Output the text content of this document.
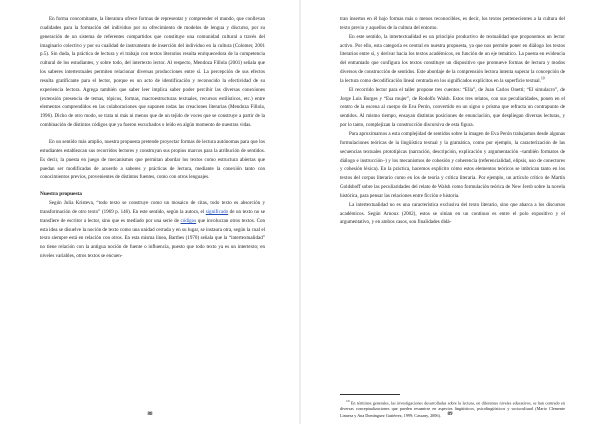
En forma concomitante, la literatura ofrece formas de representar y comprender el mundo, que conllevan cualidades para la formación del individuo por su ofrecimiento de modelos de lengua y discurso, por su generación de un sistema de referentes compartidos que constituye una comunidad cultural a través del imaginario colectivo y por su cualidad de instrumento de inserción del individuo en la cultura (Colomer, 2001 p.5). Sin duda, la práctica de lectura y el trabajo con textos literarios resulta enriquecedora de la competencia cultural de los estudiantes, y sobre todo, del intertexto lector. Al respecto, Mendoza Fillola (2001) señala que los saberes intertextuales permiten relacionar diversas producciones entre sí. La percepción de sus efectos resulta gratificante para el lector, porque es un acto de identificación y reconocido la efectividad de su experiencia lectora. Agrega también que saber leer implica saber poder percibir las diversas conexiones (extensión presencia de temas, tópicos, formas, macroestructuras textuales, recursos estilísticos, etc.) entre elementos comprendidos en las colaboraciones que suponen todas las creaciones literarias (Mendoza Fillola, 1996). Dicho de otro modo, se trata ni más ni menos que de un tejido de voces que se construye a partir de la combinación de distintos códigos que ya fueron escuchados o leído en algún momento de nuestras vidas.

En un sentido más amplio, nuestra propuesta pretende proyectar formas de lectura autónomas para que los estudiantes establezcan sus recorridos lectores y construyan sus propios marcos para la atribución de sentidos. Es decir, la puesta en juego de mecanismos que permitan abordar los textos como estructura abiertas que puedan ser modificadas de acuerdo a saberes y prácticas de lectura, mediante la conexión tanto con conocimientos previos, provenientes de distintos fuentes, como con otros lenguajes.

Nuestra propuesta

Según Julia Kristeva, “todo texto se construye como un mosaico de citas, todo texto es absorción y transformación de otro texto” (1969 p. 146). En este sentido, según la autora, el significado de un texto no se transfiere de escritor a lector, sino que es mediado por una serie de códigos que involucran otros textos. Con esta idea se disuelve la noción de texto como una unidad cerrada y en su lugar, se instaura otra, según la cual el texto siempre está en relación con otros. En esta misma línea, Barthes (1970) señala que la “intertextualidad” no tiene relación con la antigua noción de fuente o influencia, puesto que todo texto ya es un intertexto; en niveles variables, otros textos se encuen-

88

tran insertos en él bajo formas más o menos reconocibles, es decir, los textos pertenecientes a la cultura del texto previo y aquellos de la cultura del entorno.

En este sentido, la intertextualidad es un principio productivo de textualidad que proponemos un lector activo. Por ello, esta categoría es central en nuestra propuesta, ya que nos permite poner en diálogo los textos literarios entre sí, y derivar hacia los textos académicos, en función de un eje temático. La puesta en evidencia del entramado que configura los textos constituye un dispositivo que promueve formas de lectura y modos diversos de construcción de sentidos. Este abordaje de la comprensión lectora intenta superar la concepción de la lectura como decodificación lineal centrada en los significados explícitos en la superficie textual.$^{10}$

El recorrido lector para el taller propone tres cuentos: “Ella”, de Juan Carlos Onetti; “El simulacro”, de Jorge Luis Borges y “Esa mujer”, de Rodolfo Walsh. Estos tres relatos, con sus peculiaridades, ponen en el centro de la escena al cuerpo de Eva Perón, convertido en un signo o prisma que refracta un contrapunto de sentidos. Al mismo tiempo, ensayan distintas posiciones de enunciación, que despliegan diversas lecturas, y por lo tanto, complejizan la construcción discursiva de esta figura.

Para aproximarnos a esta complejidad de sentidos sobre la imagen de Eva Perón trabajamos desde algunas formulaciones teóricas de la lingüística textual y la gramática, como por ejemplo, la caracterización de las secuencias textuales prototípicas (narración, descripción, explicación y argumentación –también formatos de diálogo e instrucción–) y los mecanismos de cohesión y coherencia (referencialidad, elipsis, uso de conectores y cohesión léxica). En la práctica, hacemos explícito cómo estos elementos teóricos se imbrican tanto en los textos del corpus literario como en los de teoría y crítica literaria. Por ejemplo, un artículo crítico de Martín Goldsboff sobre las peculiaridades del relato de Walsh como formulación teórica de New Jersb sobre la novela histórica, para pensar las relaciones entre ficción e historia.

La intertextualidad no es una característica exclusiva del texto literario, sino que abarca a los discursos académicos. Según Arnoux (2002), estos se sitúan en un continuo es entre el polo expositivo y el argumentativo, y en ambos casos, son finalidades didá-

$^{10}$ En términos generales, las investigaciones desarrolladas sobre la lectura, en diferentes niveles educativos, se han centrado en diversas conceptualizaciones que pueden resumirse en aspectos lingüísticos, psicolingüísticos y sociocultural (Mario Clemente Linuesa y Ana Domínguez Gutiérrez, 1999; Cassany, 2006).	89
